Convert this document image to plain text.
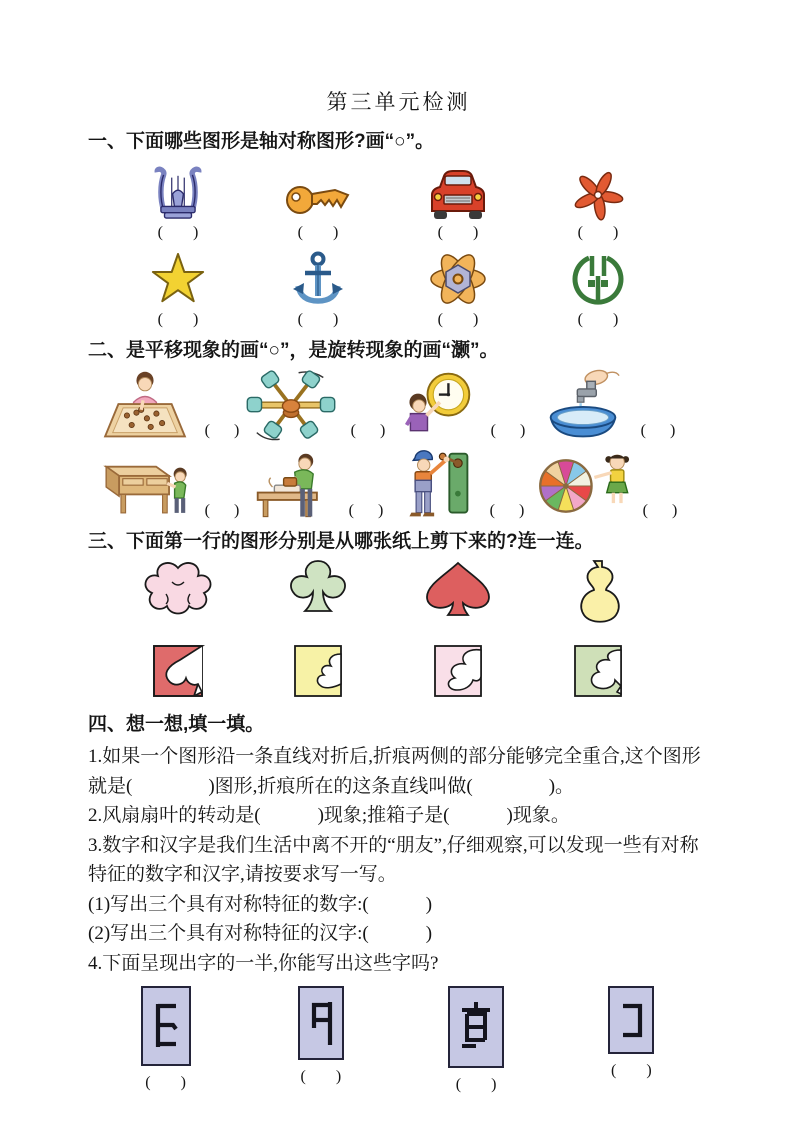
第三单元检测
一、下面哪些图形是轴对称图形?画“○”。
( )	( )	( )	( )
( )	( )	( )	( )
二、是平移现象的画“○”，是旋转现象的画“灏”。
( )	( )	( )	( )
( )	( )	( )	( )
三、下面第一行的图形分别是从哪张纸上剪下来的?连一连。
四、想一想,填一填。

1.如果一个图形沿一条直线对折后,折痕两侧的部分能够完全重合,这个图形就是(　　　　)图形,折痕所在的这条直线叫做(　　　　)。

2.风扇扇叶的转动是(　　　)现象;推箱子是(　　　)现象。

3.数字和汉字是我们生活中离不开的“朋友”,仔细观察,可以发现一些有对称特征的数字和汉字,请按要求写一写。

(1)写出三个具有对称特征的数字:(　　　)

(2)写出三个具有对称特征的汉字:(　　　)

4.下面呈现出字的一半,你能写出这些字吗?

( )	( )	( )
( )
